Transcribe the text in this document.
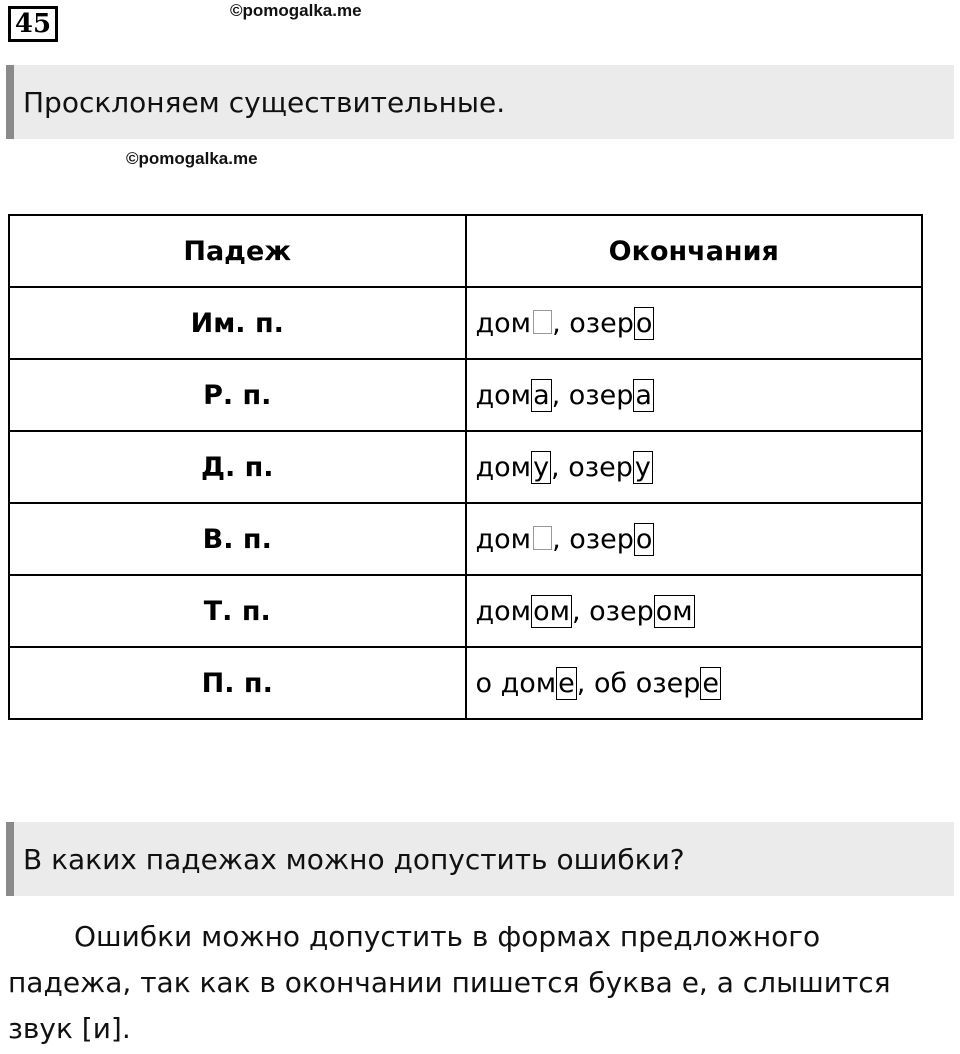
45	©pomogalka.me
Просклоняем существительные.
©pomogalka.me
Падеж	Окончания
Им. п.	дом , озеро
Р. п.	дома, озера
Д. п.	дому, озеру
В. п.	дом , озеро
Т. п.	домом, озером
П. п.	о доме, об озере
В каких падежах можно допустить ошибки?
Ошибки можно допустить в формах предложного падежа, так как в окончании пишется буква е, а слышится звук [и].
